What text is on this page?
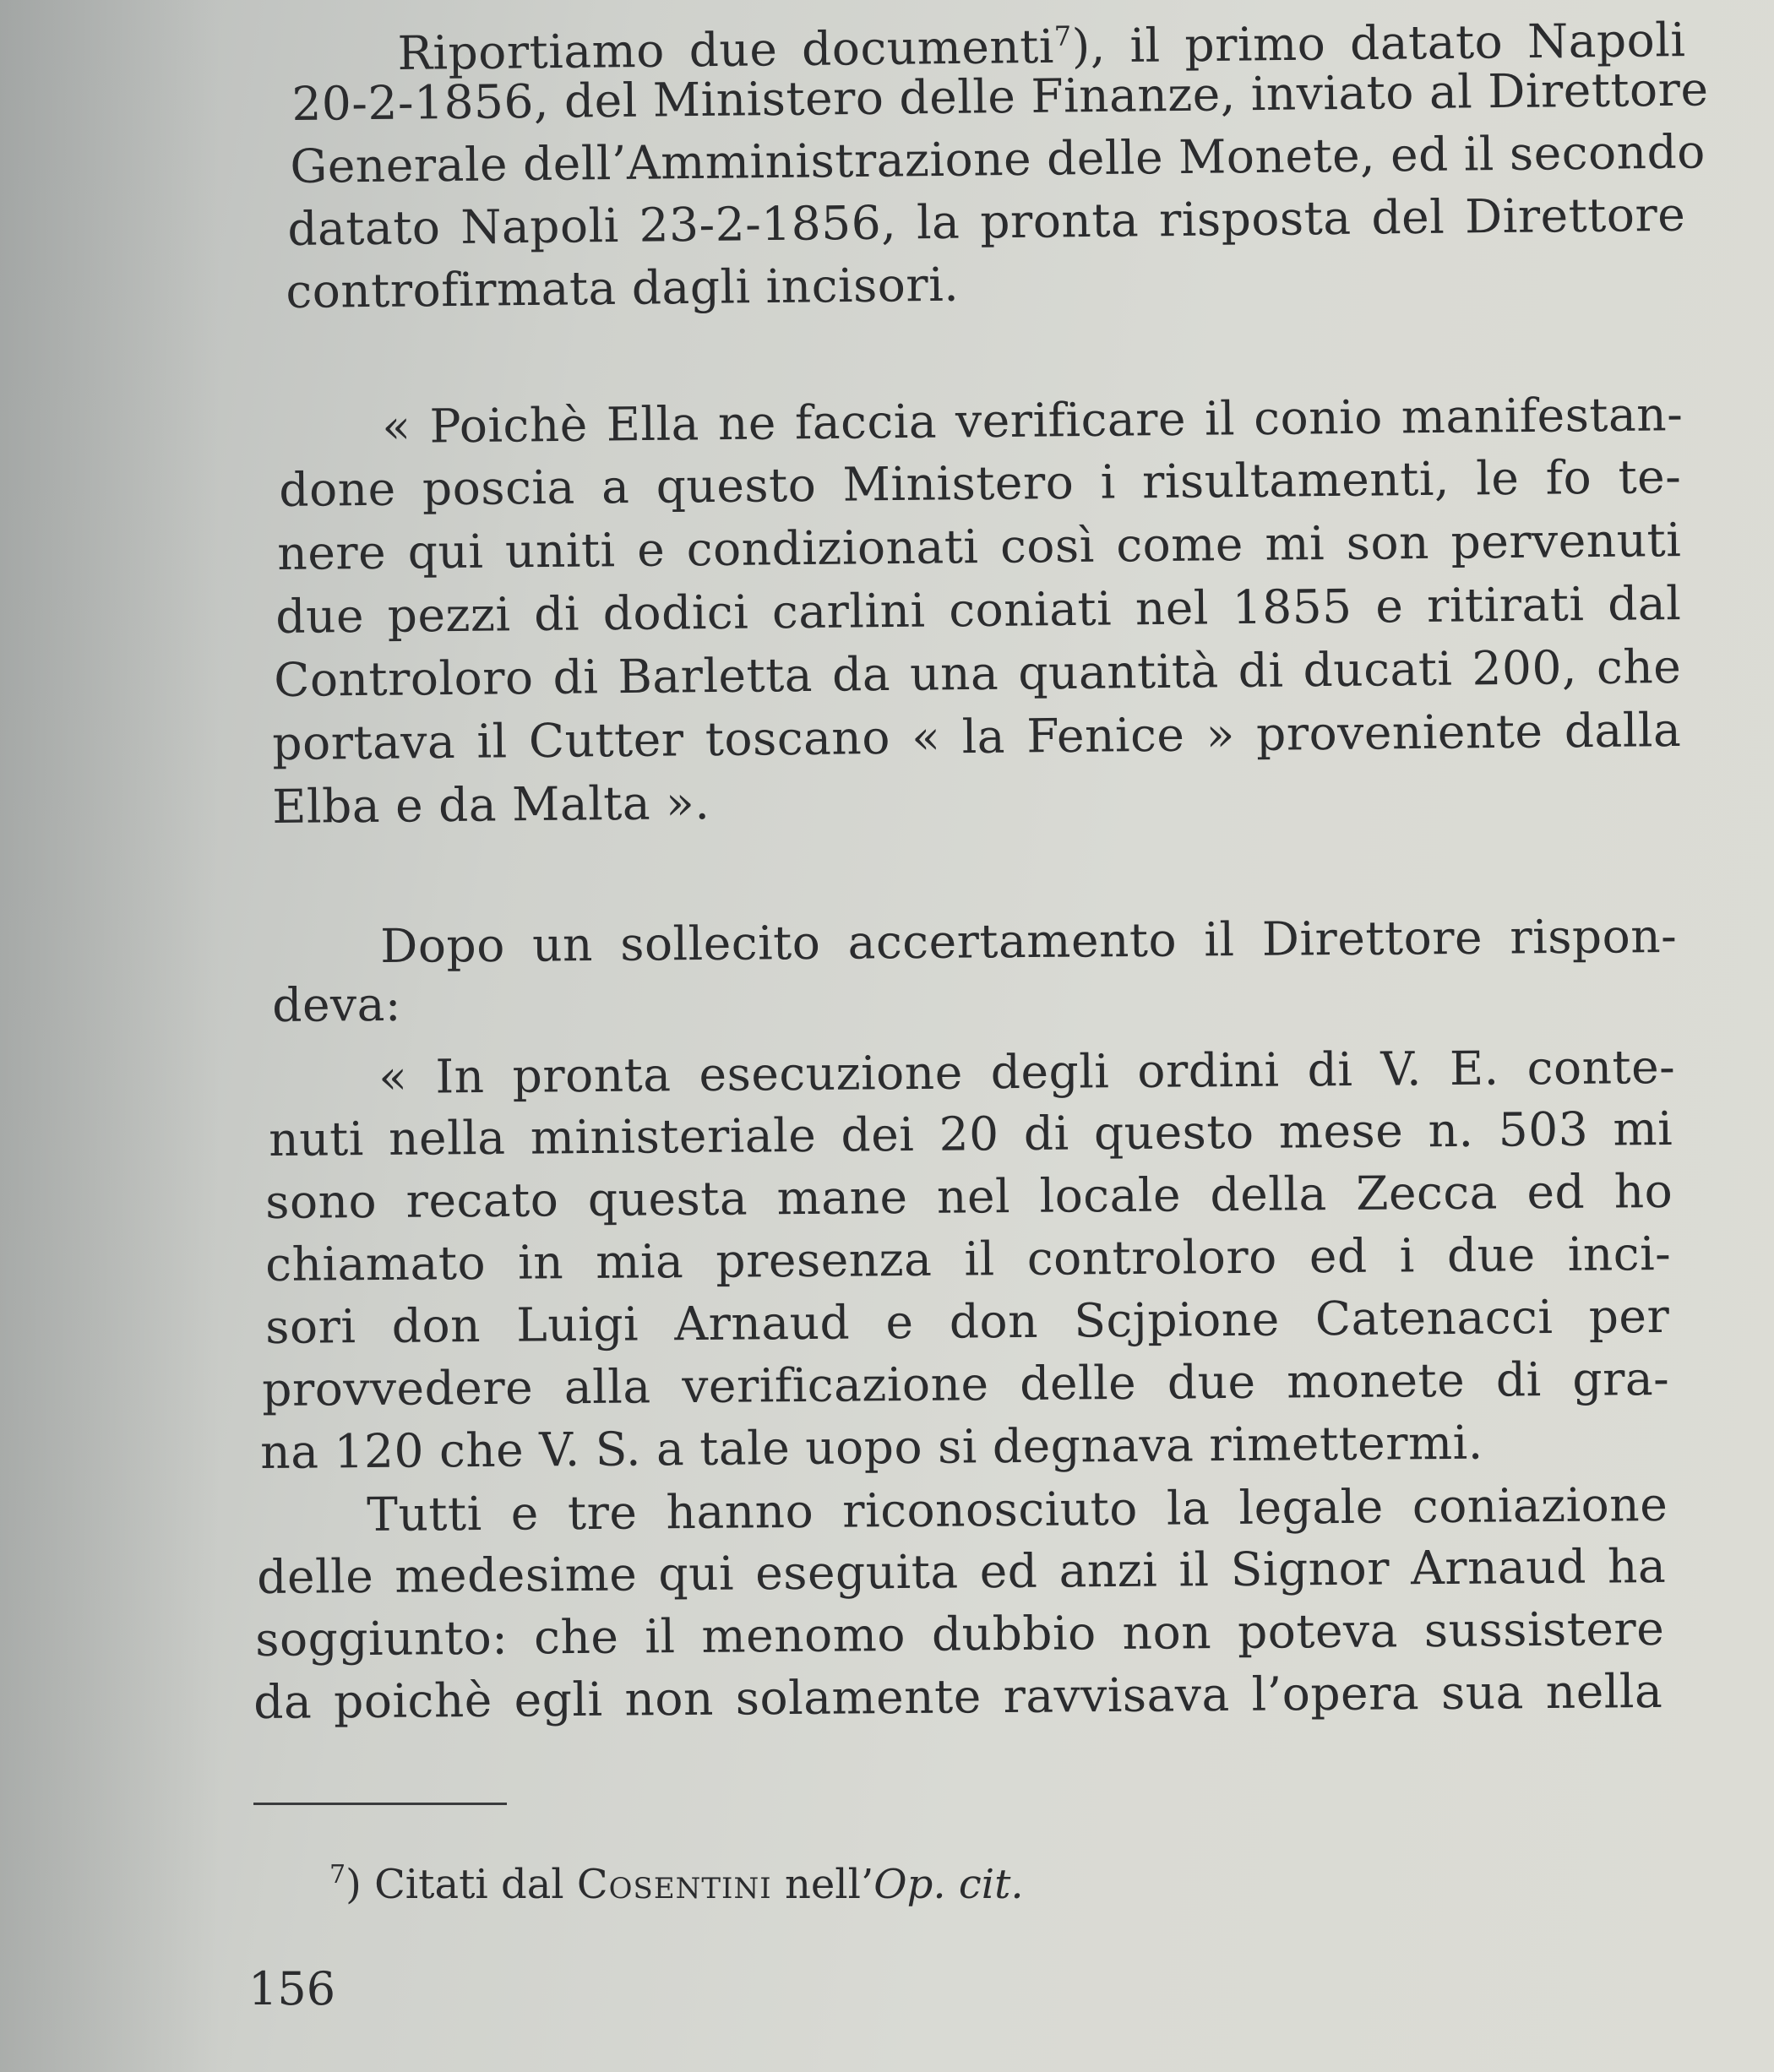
Riportiamo due documenti$^7$), il primo datato Napoli
20-2-1856, del Ministero delle Finanze, inviato al Direttore
Generale dell’Amministrazione delle Monete, ed il secondo
datato Napoli 23-2-1856, la pronta risposta del Direttore
controfirmata dagli incisori.
« Poichè Ella ne faccia verificare il conio manifestan-
done poscia a questo Ministero i risultamenti, le fo te-
nere qui uniti e condizionati così come mi son pervenuti
due pezzi di dodici carlini coniati nel 1855 e ritirati dal
Controloro di Barletta da una quantità di ducati 200, che
portava il Cutter toscano « la Fenice » proveniente dalla
Elba e da Malta ».
Dopo un sollecito accertamento il Direttore rispon-
deva:
« In pronta esecuzione degli ordini di V. E. conte-
nuti nella ministeriale dei 20 di questo mese n. 503 mi
sono recato questa mane nel locale della Zecca ed ho
chiamato in mia presenza il controloro ed i due inci-
sori don Luigi Arnaud e don Scjpione Catenacci per
provvedere alla verificazione delle due monete di gra-
na 120 che V. S. a tale uopo si degnava rimettermi.
Tutti e tre hanno riconosciuto la legale coniazione
delle medesime qui eseguita ed anzi il Signor Arnaud ha
soggiunto: che il menomo dubbio non poteva sussistere
da poichè egli non solamente ravvisava l’opera sua nella
$^7$) Citati dal Cosentini nell’Op. cit.
156
